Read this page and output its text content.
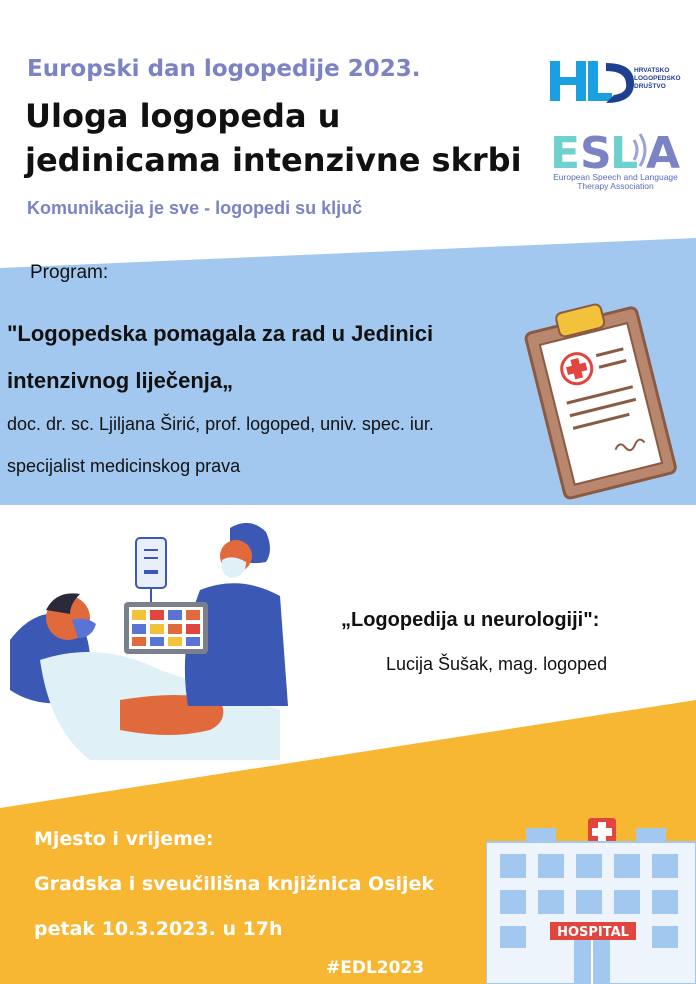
Europski dan logopedije 2023.
Uloga logopeda u
jedinicama intenzivne skrbi
Komunikacija je sve - logopedi su ključ
HRVATSKO
LOGOPEDSKO
DRUŠTVO
E S
L A
European Speech and Language
Therapy Association
Program:
"Logopedska pomagala za rad u Jedinici
intenzivnog liječenja„
doc. dr. sc. Ljiljana Širić, prof. logoped, univ. spec. iur.
specijalist medicinskog prava
„Logopedija u neurologiji":
Lucija Šušak, mag. logoped
Mjesto i vrijeme:
Gradska i sveučilišna knjižnica Osijek
petak 10.3.2023. u 17h
#EDL2023
HOSPITAL
